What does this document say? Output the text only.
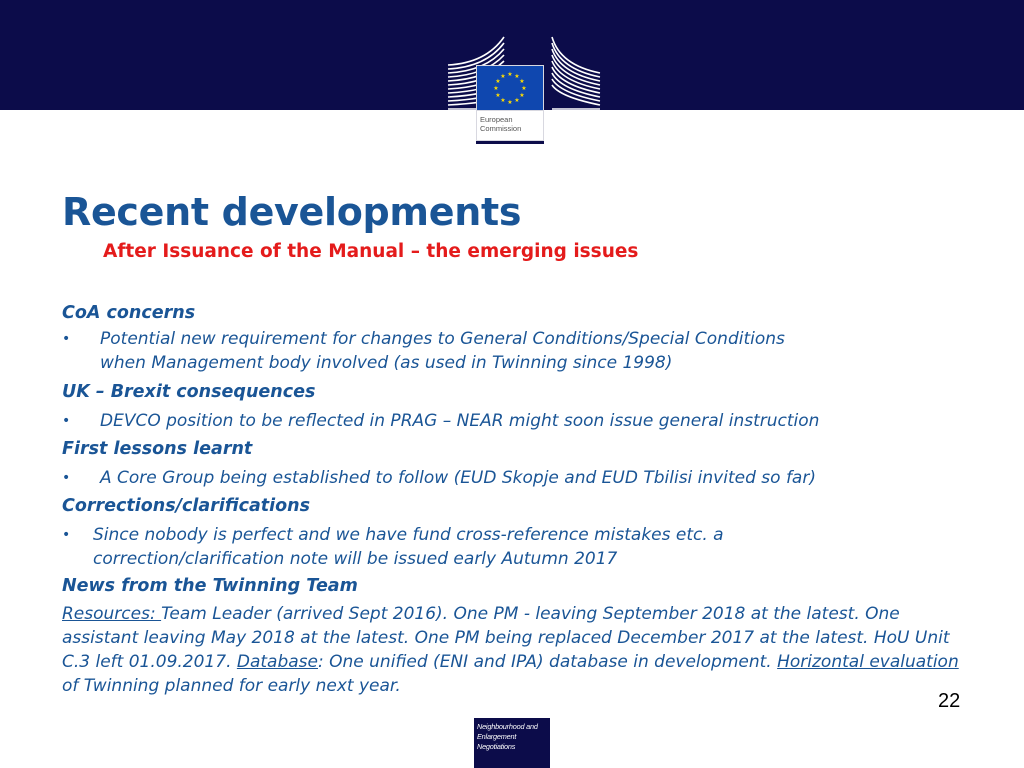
★ ★
★
★
★
★
★
★
★
★
★
★
European
Commission
Recent developments
After Issuance of the Manual – the emerging issues
CoA concerns
• Potential new requirement for changes to General Conditions/Special Conditions
when Management body involved (as used in Twinning since 1998)
UK – Brexit consequences
• DEVCO position to be reflected in PRAG – NEAR might soon issue general instruction
First lessons learnt
• A Core Group being established to follow (EUD Skopje and EUD Tbilisi invited so far)
Corrections/clarifications
• Since nobody is perfect and we have fund cross-reference mistakes etc. a
correction/clarification note will be issued early Autumn 2017
News from the Twinning Team
Resources: Team Leader (arrived Sept 2016). One PM - leaving September 2018 at the latest. One assistant leaving May 2018 at the latest. One PM being replaced December 2017 at the latest. HoU Unit C.3 left 01.09.2017. Database: One unified (ENI and IPA) database in development. Horizontal evaluation of Twinning planned for early next year.
22
Neighbourhood and
Enlargement
Negotiations
